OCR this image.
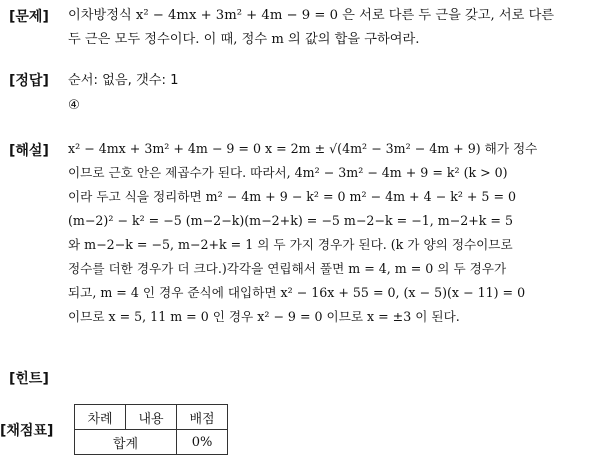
[문제] 이차방정식 x² − 4mx + 3m² + 4m − 9 = 0 은 서로 다른 두 근을 갖고, 서로 다른
두 근은 모두 정수이다. 이 때, 정수 m 의 값의 합을 구하여라.
[정답] 순서: 없음, 갯수: 1
④
[해설] x² − 4mx + 3m² + 4m − 9 = 0 x = 2m ± √(4m² − 3m² − 4m + 9) 해가 정수
이므로 근호 안은 제곱수가 된다. 따라서, 4m² − 3m² − 4m + 9 = k² (k > 0)
이라 두고 식을 정리하면 m² − 4m + 9 − k² = 0 m² − 4m + 4 − k² + 5 = 0
(m−2)² − k² = −5 (m−2−k)(m−2+k) = −5 m−2−k = −1, m−2+k = 5
와 m−2−k = −5, m−2+k = 1 의 두 가지 경우가 된다. (k 가 양의 정수이므로
정수를 더한 경우가 더 크다.)각각을 연립해서 풀면 m = 4, m = 0 의 두 경우가
되고, m = 4 인 경우 준식에 대입하면 x² − 16x + 55 = 0, (x − 5)(x − 11) = 0
이므로 x = 5, 11 m = 0 인 경우 x² − 9 = 0 이므로 x = ±3 이 된다.
[힌트]
[채점표]
차례	내용	배점
합계		0%
